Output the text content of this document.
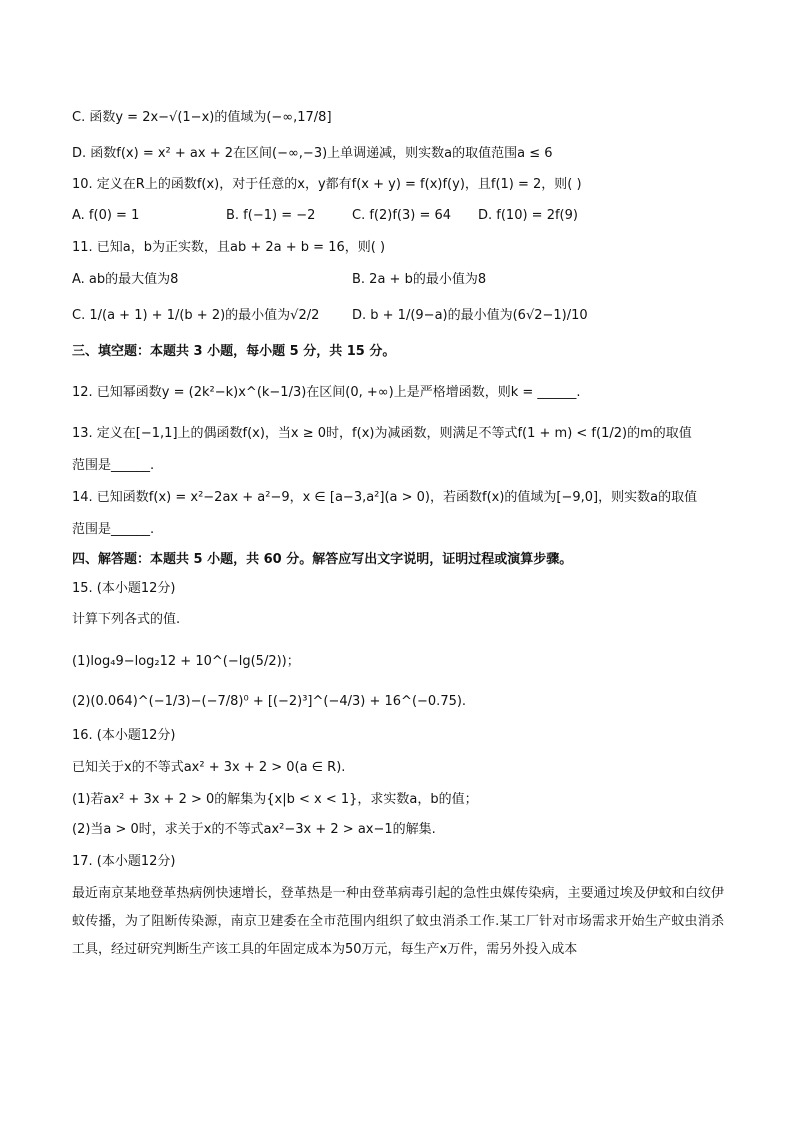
C. 函数y = 2x−√(1−x)的值域为(−∞,17/8]
D. 函数f(x) = x² + ax + 2在区间(−∞,−3)上单调递减，则实数a的取值范围a ≤ 6
10. 定义在R上的函数f(x)，对于任意的x，y都有f(x + y) = f(x)f(y)，且f(1) = 2，则( )
A. f(0) = 1	B. f(−1) = −2	C. f(2)f(3) = 64 D. f(10) = 2f(9)
11. 已知a，b为正实数，且ab + 2a + b = 16，则( )
A. ab的最大值为8	B. 2a + b的最小值为8
C. 1/(a + 1) + 1/(b + 2)的最小值为√2/2	D. b + 1/(9−a)的最小值为(6√2−1)/10
三、填空题：本题共 3 小题，每小题 5 分，共 15 分。
12. 已知幂函数y = (2k²−k)x^(k−1/3)在区间(0, +∞)上是严格增函数，则k = ______.
13. 定义在[−1,1]上的偶函数f(x)，当x ≥ 0时，f(x)为减函数，则满足不等式f(1 + m) < f(1/2)的m的取值
范围是______.
14. 已知函数f(x) = x²−2ax + a²−9，x ∈ [a−3,a²](a > 0)，若函数f(x)的值域为[−9,0]，则实数a的取值
范围是______.
四、解答题：本题共 5 小题，共 60 分。解答应写出文字说明，证明过程或演算步骤。
15. (本小题12分)
计算下列各式的值.
(1)log₄9−log₂12 + 10^(−lg(5/2))；
(2)(0.064)^(−1/3)−(−7/8)⁰ + [(−2)³]^(−4/3) + 16^(−0.75).
16. (本小题12分)
已知关于x的不等式ax² + 3x + 2 > 0(a ∈ R).
(1)若ax² + 3x + 2 > 0的解集为{x|b < x < 1}，求实数a，b的值；
(2)当a > 0时，求关于x的不等式ax²−3x + 2 > ax−1的解集.
17. (本小题12分)
最近南京某地登革热病例快速增长，登革热是一种由登革病毒引起的急性虫媒传染病，主要通过埃及伊蚊和白纹伊蚊传播，为了阻断传染源，南京卫建委在全市范围内组织了蚊虫消杀工作.某工厂针对市场需求开始生产蚊虫消杀工具，经过研究判断生产该工具的年固定成本为50万元，每生产x万件，需另外投入成本
